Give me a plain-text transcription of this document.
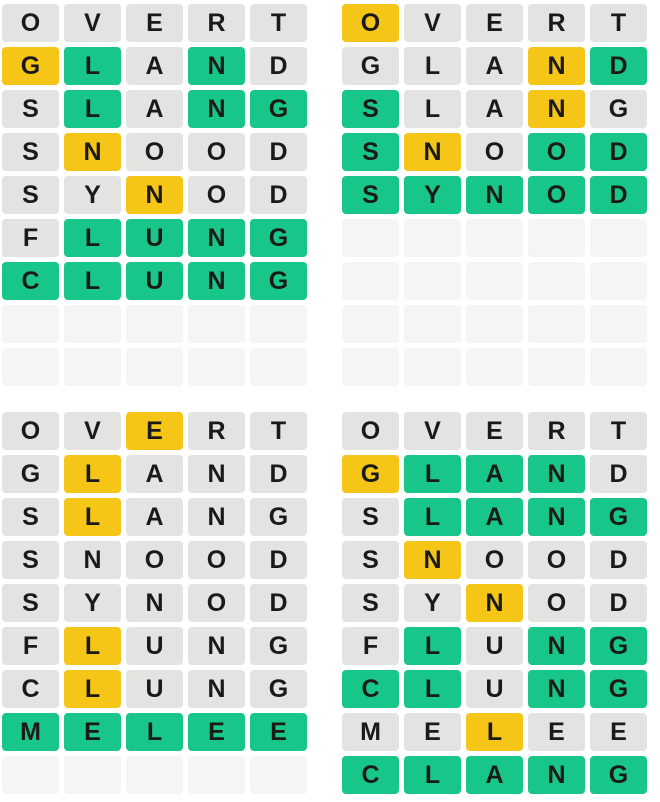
O	V	E	R	T
G	L	A	N	D
S	L	A	N	G
S	N	O	O	D
S	Y	N	O	D
F	L	U	N	G
C	L	U	N	G
O	V	E	R	T
G	L	A	N	D
S	L	A	N	G
S	N	O	O	D
S	Y	N	O	D
O	V	E	R	T
G	L	A	N	D
S	L	A	N	G
S	N	O	O	D
S	Y	N	O	D
F	L	U	N	G
C	L	U	N	G
M	E	L	E	E
O	V	E	R	T
G	L	A	N	D
S	L	A	N	G
S	N	O	O	D
S	Y	N	O	D
F	L	U	N	G
C	L	U	N	G
M	E	L	E	E
C	L	A	N	G
